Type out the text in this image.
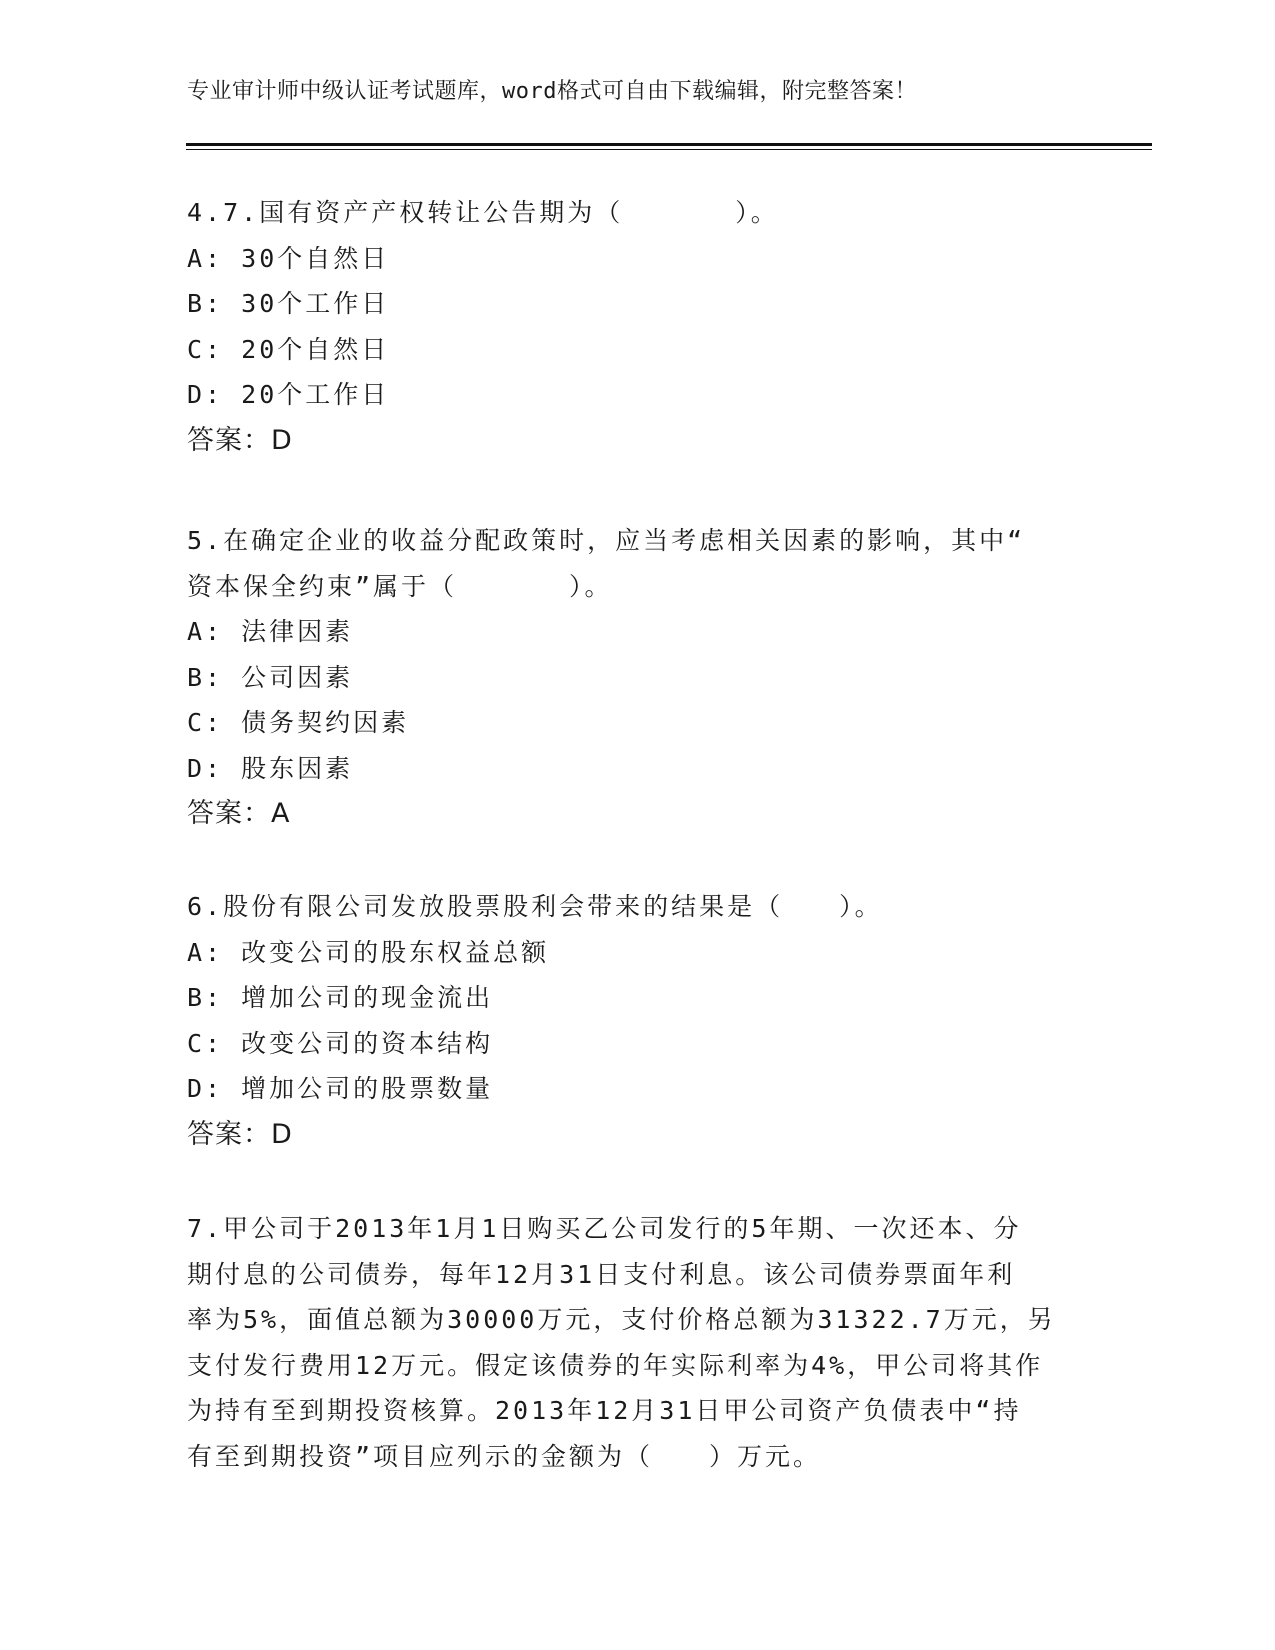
专业审计师中级认证考试题库，word格式可自由下载编辑，附完整答案！
4.7.国有资产产权转让公告期为（　　　　）。
A: 30个自然日
B: 30个工作日
C: 20个自然日
D: 20个工作日
答案：D
5.在确定企业的收益分配政策时，应当考虑相关因素的影响，其中“
资本保全约束”属于（　　　　）。
A: 法律因素
B: 公司因素
C: 债务契约因素
D: 股东因素
答案：A
6.股份有限公司发放股票股利会带来的结果是（　　）。
A: 改变公司的股东权益总额
B: 增加公司的现金流出
C: 改变公司的资本结构
D: 增加公司的股票数量
答案：D
7.甲公司于2013年1月1日购买乙公司发行的5年期、一次还本、分
期付息的公司债券，每年12月31日支付利息。该公司债券票面年利
率为5%，面值总额为30000万元，支付价格总额为31322.7万元，另
支付发行费用12万元。假定该债券的年实际利率为4%，甲公司将其作
为持有至到期投资核算。2013年12月31日甲公司资产负债表中“持
有至到期投资”项目应列示的金额为（　　）万元。
